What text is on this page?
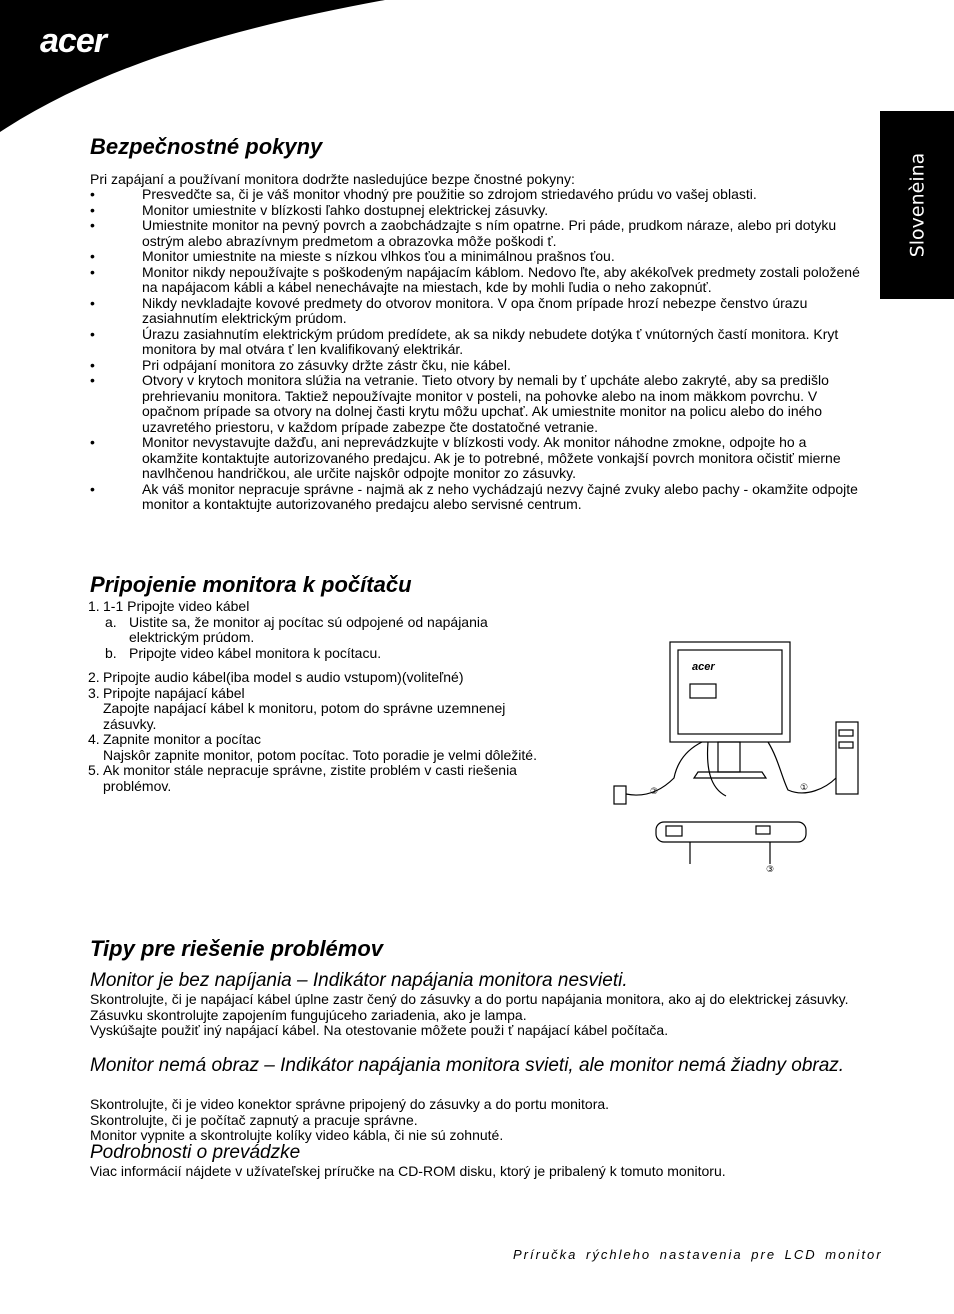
acer
Slovenèina
Bezpečnostné pokyny
Pri zapájaní a používaní monitora dodržte nasledujúce bezpe čnostné pokyny:
• Presvedčte sa, či je váš monitor vhodný pre použitie so zdrojom striedavého prúdu vo vašej oblasti.
• Monitor umiestnite v blízkosti ľahko dostupnej elektrickej zásuvky.
• Umiestnite monitor na pevný povrch a zaobchádzajte s ním opatrne. Pri páde, prudkom náraze, alebo pri dotyku ostrým alebo abrazívnym predmetom a obrazovka môže poškodi ť.
• Monitor umiestnite na mieste s nízkou vlhkos ťou a minimálnou prašnos ťou.
• Monitor nikdy nepoužívajte s poškodeným napájacím káblom. Nedovo ľte, aby akékoľvek predmety zostali položené na napájacom kábli a kábel nenechávajte na miestach, kde by mohli ľudia o neho zakopnúť.
• Nikdy nevkladajte kovové predmety do otvorov monitora. V opa čnom prípade hrozí nebezpe čenstvo úrazu zasiahnutím elektrickým prúdom.
• Úrazu zasiahnutím elektrickým prúdom predídete, ak sa nikdy nebudete dotýka ť vnútorných častí monitora. Kryt monitora by mal otvára ť len kvalifikovaný elektrikár.
• Pri odpájaní monitora zo zásuvky držte zástr čku, nie kábel.
• Otvory v krytoch monitora slúžia na vetranie. Tieto otvory by nemali by ť upcháte alebo zakryté, aby sa predišlo prehrievaniu monitora. Taktiež nepoužívajte monitor v posteli, na pohovke alebo na inom mäkkom povrchu. V opačnom prípade sa otvory na dolnej časti krytu môžu upchať. Ak umiestnite monitor na policu alebo do iného uzavretého priestoru, v každom prípade zabezpe čte dostatočné vetranie.
• Monitor nevystavujte dažďu, ani neprevádzkujte v blízkosti vody. Ak monitor náhodne zmokne, odpojte ho a okamžite kontaktujte autorizovaného predajcu. Ak je to potrebné, môžete vonkajší povrch monitora očistiť mierne navlhčenou handričkou, ale určite najskôr odpojte monitor zo zásuvky.
• Ak váš monitor nepracuje správne - najmä ak z neho vychádzajú nezvy čajné zvuky alebo pachy - okamžite odpojte monitor a kontaktujte autorizovaného predajcu alebo servisné centrum.
Pripojenie monitora k počítaču
1. 1-1 Pripojte video kábel
a. Uistite sa, že monitor aj pocítac sú odpojené od napájania elektrickým prúdom.
b. Pripojte video kábel monitora k pocítacu.
2. Pripojte audio kábel(iba model s audio vstupom)(voliteľné)
3. Pripojte napájací kábel
Zapojte napájací kábel k monitoru, potom do správne uzemnenej zásuvky.
4. Zapnite monitor a pocítac
Najskôr zapnite monitor, potom pocítac. Toto poradie je velmi dôležité.
5. Ak monitor stále nepracuje správne, zistite problém v casti riešenia problémov.
acer
①
②
③
Tipy pre riešenie problémov
Monitor je bez napíjania – Indikátor napájania monitora nesvieti.
Skontrolujte, či je napájací kábel úplne zastr čený do zásuvky a do portu napájania monitora, ako aj do elektrickej zásuvky.
Zásuvku skontrolujte zapojením fungujúceho zariadenia, ako je lampa.
Vyskúšajte použiť iný napájací kábel. Na otestovanie môžete použi ť napájací kábel počítača.
Monitor nemá obraz – Indikátor napájania monitora svieti, ale monitor nemá žiadny obraz.
Skontrolujte, či je video konektor správne pripojený do zásuvky a do portu monitora.
Skontrolujte, či je počítač zapnutý a pracuje správne.
Monitor vypnite a skontrolujte kolíky video kábla, či nie sú zohnuté.
Podrobnosti o prevádzke
Viac informácií nájdete v užívateľskej príručke na CD-ROM disku, ktorý je pribalený k tomuto monitoru.
Príručka rýchleho nastavenia pre LCD monitor
